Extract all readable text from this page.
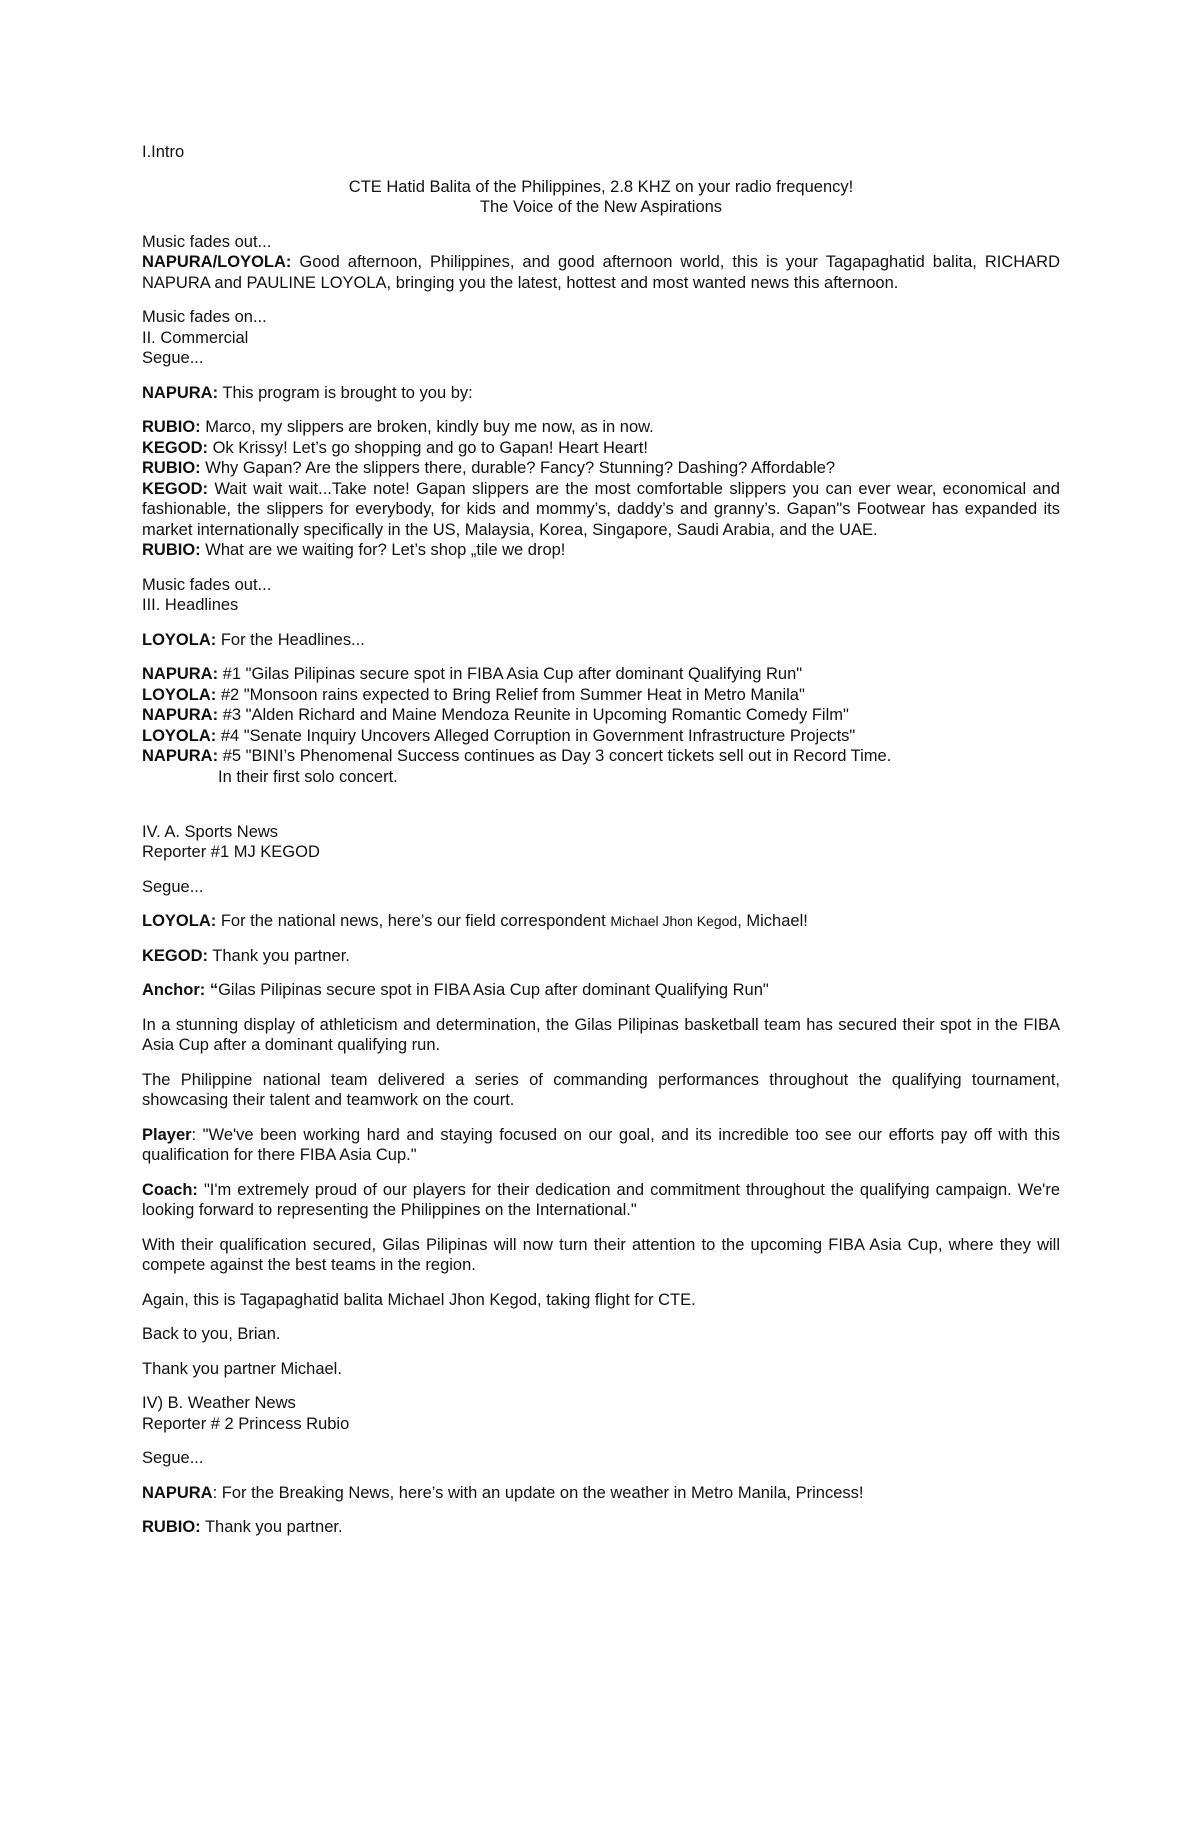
I.Intro
CTE Hatid Balita of the Philippines, 2.8 KHZ on your radio frequency!
The Voice of the New Aspirations
Music fades out...
NAPURA/LOYOLA: Good afternoon, Philippines, and good afternoon world, this is your Tagapaghatid balita, RICHARD NAPURA and PAULINE LOYOLA, bringing you the latest, hottest and most wanted news this afternoon.
Music fades on...
II. Commercial
Segue...
NAPURA: This program is brought to you by:
RUBIO: Marco, my slippers are broken, kindly buy me now, as in now.
KEGOD: Ok Krissy! Let’s go shopping and go to Gapan! Heart Heart!
RUBIO: Why Gapan? Are the slippers there, durable? Fancy? Stunning? Dashing? Affordable?
KEGOD: Wait wait wait...Take note! Gapan slippers are the most comfortable slippers you can ever wear, economical and fashionable, the slippers for everybody, for kids and mommy’s, daddy’s and granny’s. Gapan"s Footwear has expanded its market internationally specifically in the US, Malaysia, Korea, Singapore, Saudi Arabia, and the UAE.
RUBIO: What are we waiting for? Let’s shop „tile we drop!
Music fades out...
III. Headlines
LOYOLA: For the Headlines...
NAPURA: #1 "Gilas Pilipinas secure spot in FIBA Asia Cup after dominant Qualifying Run"
LOYOLA: #2 "Monsoon rains expected to Bring Relief from Summer Heat in Metro Manila"
NAPURA: #3 "Alden Richard and Maine Mendoza Reunite in Upcoming Romantic Comedy Film"
LOYOLA: #4 "Senate Inquiry Uncovers Alleged Corruption in Government Infrastructure Projects"
NAPURA: #5 "BINI’s Phenomenal Success continues as Day 3 concert tickets sell out in Record Time.
In their first solo concert.
IV. A. Sports News
Reporter #1 MJ KEGOD
Segue...
LOYOLA: For the national news, here’s our field correspondent Michael Jhon Kegod, Michael!
KEGOD: Thank you partner.
Anchor: “Gilas Pilipinas secure spot in FIBA Asia Cup after dominant Qualifying Run"
In a stunning display of athleticism and determination, the Gilas Pilipinas basketball team has secured their spot in the FIBA Asia Cup after a dominant qualifying run.
The Philippine national team delivered a series of commanding performances throughout the qualifying tournament, showcasing their talent and teamwork on the court.
Player: "We've been working hard and staying focused on our goal, and its incredible too see our efforts pay off with this qualification for there FIBA Asia Cup."
Coach: "I'm extremely proud of our players for their dedication and commitment throughout the qualifying campaign. We're looking forward to representing the Philippines on the International."
With their qualification secured, Gilas Pilipinas will now turn their attention to the upcoming FIBA Asia Cup, where they will compete against the best teams in the region.
Again, this is Tagapaghatid balita Michael Jhon Kegod, taking flight for CTE.
Back to you, Brian.
Thank you partner Michael.
IV) B. Weather News
Reporter # 2 Princess Rubio
Segue...
NAPURA: For the Breaking News, here’s with an update on the weather in Metro Manila, Princess!
RUBIO: Thank you partner.
